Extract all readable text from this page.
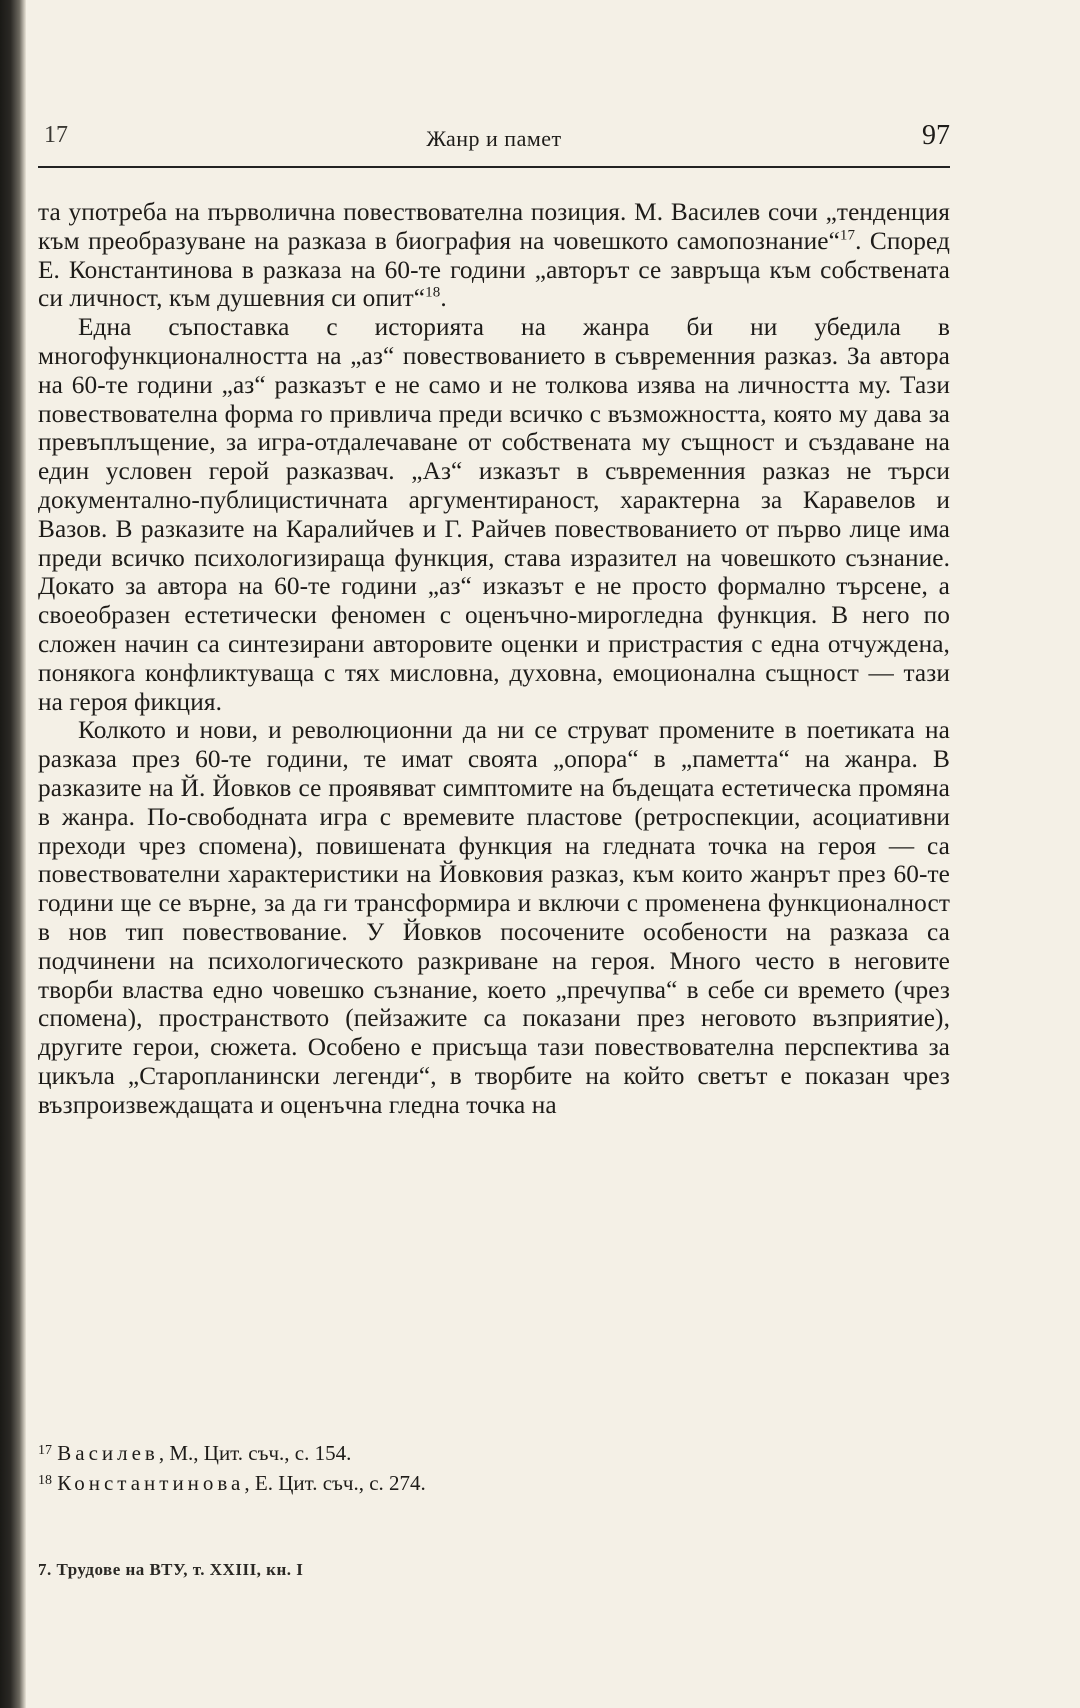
17	Жанр и памет	97

та употреба на първолична повествователна позиция. М. Василев сочи „тенденция към преобразуване на разказа в биография на човешкото самопознание“$^{17}$. Според Е. Константинова в разказа на 60-те години „авторът се завръща към собствената си личност, към душевния си опит“$^{18}$.

Една съпоставка с историята на жанра би ни убедила в многофункционалността на „аз“ повествованието в съвременния разказ. За автора на 60-те години „аз“ разказът е не само и не толкова изява на личността му. Тази повествователна форма го привлича преди всичко с възможността, която му дава за превъплъщение, за игра-отдалечаване от собствената му същност и създаване на един условен герой разказвач. „Аз“ изказът в съвременния разказ не търси документално-публицистичната аргументираност, характерна за Каравелов и Вазов. В разказите на Каралийчев и Г. Райчев повествованието от първо лице има преди всичко психологизираща функция, става изразител на човешкото съзнание. Докато за автора на 60-те години „аз“ изказът е не просто формално търсене, а своеобразен естетически феномен с оценъчно-мирогледна функция. В него по сложен начин са синтезирани авторовите оценки и пристрастия с една отчуждена, понякога конфликтуваща с тях мисловна, духовна, емоционална същност — тази на героя фикция.

Колкото и нови, и революционни да ни се струват промените в поетиката на разказа през 60-те години, те имат своята „опора“ в „паметта“ на жанра. В разказите на Й. Йовков се проявяват симптомите на бъдещата естетическа промяна в жанра. По-свободната игра с времевите пластове (ретроспекции, асоциативни преходи чрез спомена), повишената функция на гледната точка на героя — са повествователни характеристики на Йовковия разказ, към които жанрът през 60-те години ще се върне, за да ги трансформира и включи с променена функционалност в нов тип повествование. У Йовков посочените особености на разказа са подчинени на психологическото разкриване на героя. Много често в неговите творби властва едно човешко съзнание, което „пречупва“ в себе си времето (чрез спомена), пространството (пейзажите са показани през неговото възприятие), другите герои, сюжета. Особено е присъща тази повествователна перспектива за цикъла „Старопланински легенди“, в творбите на който светът е показан чрез възпроизвеждащата и оценъчна гледна точка на

$^{17}$ Василев, М., Цит. съч., с. 154.
$^{18}$ Константинова, Е. Цит. съч., с. 274.
7. Трудове на ВТУ, т. XXIII, кн. I
